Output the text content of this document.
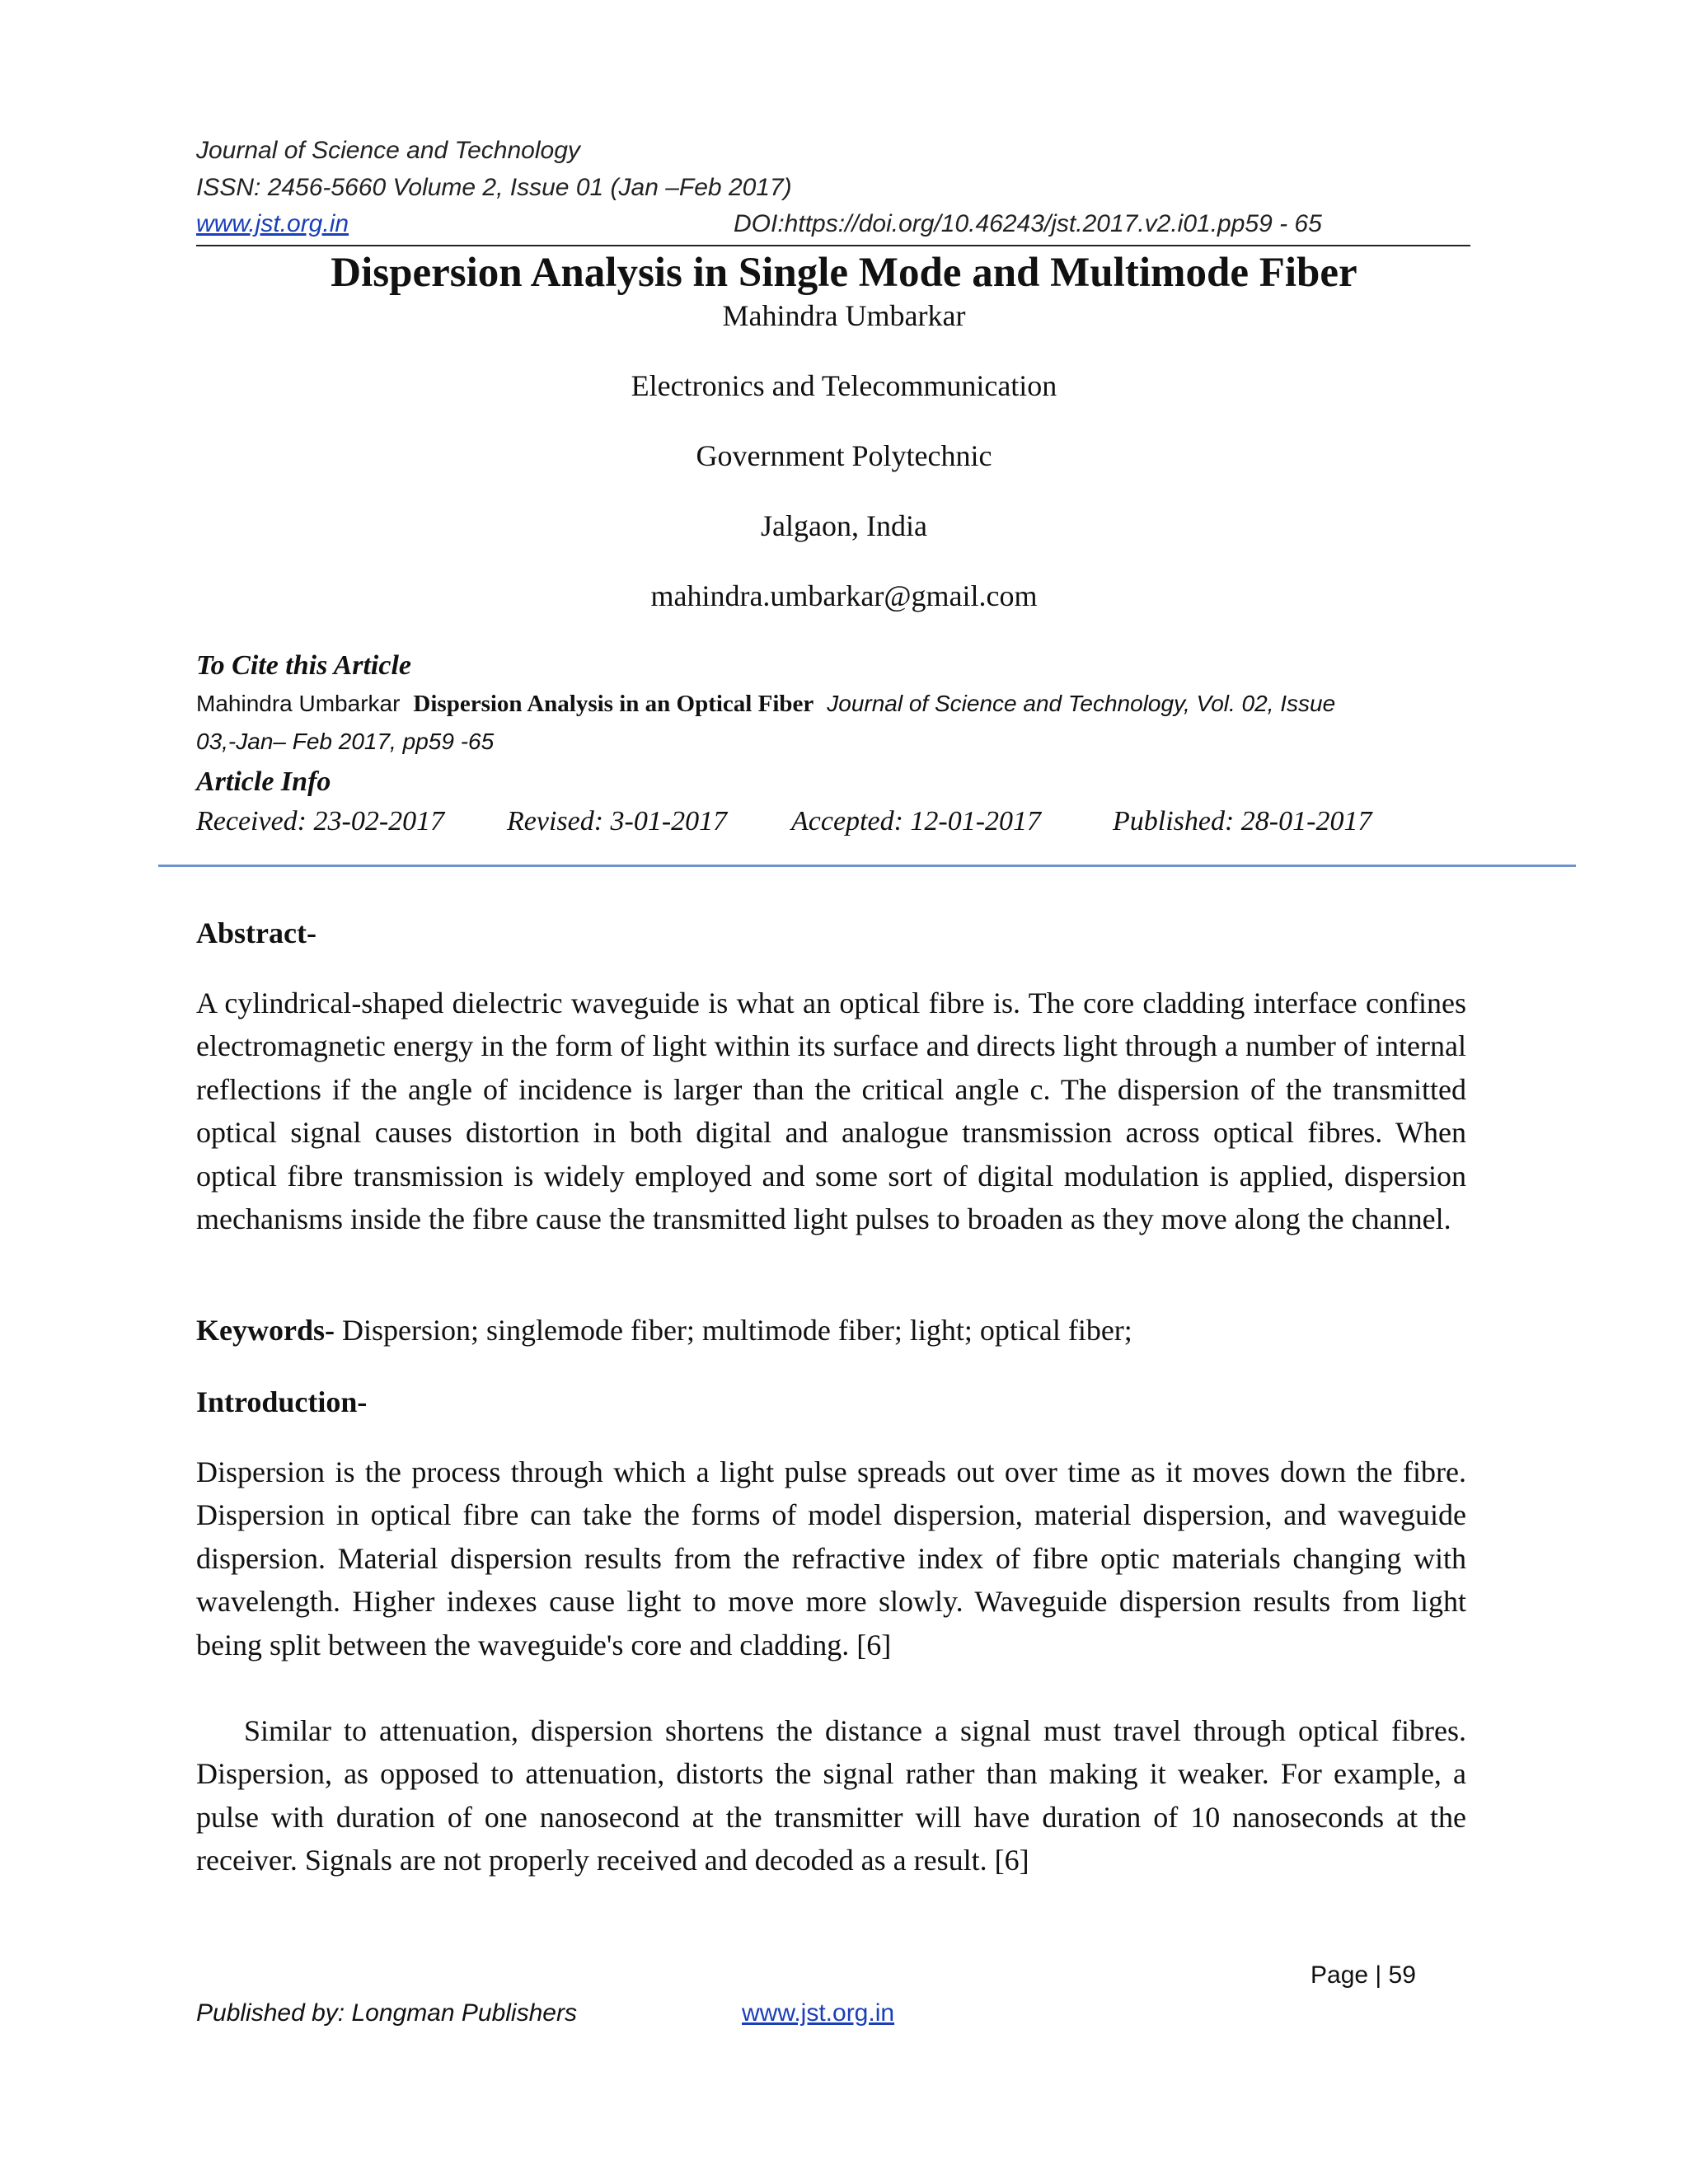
Journal of Science and Technology
ISSN: 2456-5660 Volume 2, Issue 01 (Jan –Feb 2017)
www.jst.org.in	DOI:https://doi.org/10.46243/jst.2017.v2.i01.pp59 - 65
Dispersion Analysis in Single Mode and Multimode Fiber
Mahindra Umbarkar
Electronics and Telecommunication
Government Polytechnic
Jalgaon, India
mahindra.umbarkar@gmail.com
To Cite this Article
Mahindra Umbarkar Dispersion Analysis in an Optical Fiber Journal of Science and Technology, Vol. 02, Issue
03,-Jan– Feb 2017, pp59 -65
Article Info
Received: 23-02-2017 Revised: 3-01-2017 Accepted: 12-01-2017	Published: 28-01-2017
Abstract-
A cylindrical-shaped dielectric waveguide is what an optical fibre is. The core cladding interface confines electromagnetic energy in the form of light within its surface and directs light through a number of internal reflections if the angle of incidence is larger than the critical angle c. The dispersion of the transmitted optical signal causes distortion in both digital and analogue transmission across optical fibres. When optical fibre transmission is widely employed and some sort of digital modulation is applied, dispersion mechanisms inside the fibre cause the transmitted light pulses to broaden as they move along the channel.
Keywords- Dispersion; singlemode fiber; multimode fiber; light; optical fiber;
Introduction-
Dispersion is the process through which a light pulse spreads out over time as it moves down the fibre. Dispersion in optical fibre can take the forms of model dispersion, material dispersion, and waveguide dispersion. Material dispersion results from the refractive index of fibre optic materials changing with wavelength. Higher indexes cause light to move more slowly. Waveguide dispersion results from light being split between the waveguide's core and cladding. [6]
Similar to attenuation, dispersion shortens the distance a signal must travel through optical fibres. Dispersion, as opposed to attenuation, distorts the signal rather than making it weaker. For example, a pulse with duration of one nanosecond at the transmitter will have duration of 10 nanoseconds at the receiver. Signals are not properly received and decoded as a result. [6]
Page | 59
Published by: Longman Publishers	www.jst.org.in
